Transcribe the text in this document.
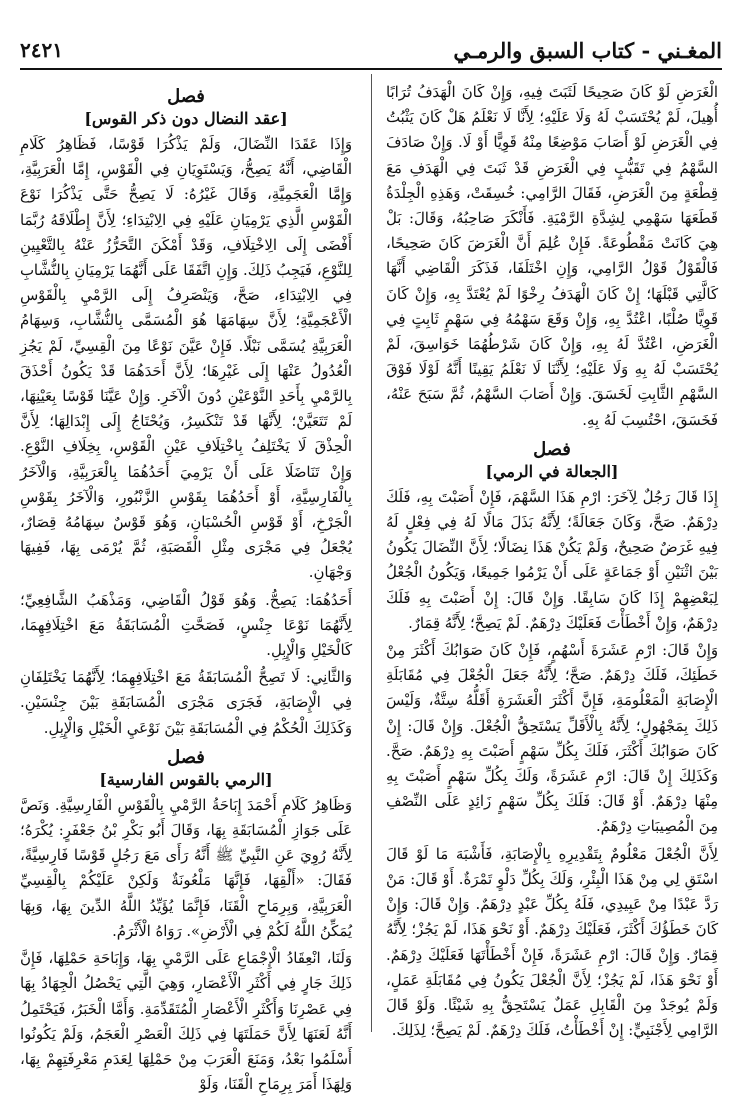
المغـني - كتاب السبق والرمـي
٢٤٢١

الْغَرَضِ لَوْ كَانَ صَحِيحًا لَثَبَتَ فِيهِ، وَإِنْ كَانَ الْهَدَفُ تُرَابًا أُهِيلَ، لَمْ يُحْتَسَبْ لَهُ وَلَا عَلَيْهِ؛ لِأَنَّا لَا نَعْلَمُ هَلْ كَانَ يَثْبُتُ فِي الْغَرَضِ لَوْ أَصَابَ مَوْضِعًا مِنْهُ قَوِيًّا أَوْ لَا. وَإِنْ صَادَفَ السَّهْمُ فِي تَقَبُّبٍ فِي الْغَرَضِ قَدْ ثَبَتَ فِي الْهَدَفِ مَعَ قِطْعَةٍ مِنَ الْغَرَضِ، فَقَالَ الرَّامِي: خُسِقَتْ، وَهَذِهِ الْجِلْدَةُ قَطَعَهَا سَهْمِي لِشِدَّةِ الرَّمْيَةِ. فَأَنْكَرَ صَاحِبُهُ، وَقَالَ: بَلْ هِيَ كَانَتْ مَقْطُوعَةً. فَإِنْ عُلِمَ أَنَّ الْغَرَضَ كَانَ صَحِيحًا، فَالْقَوْلُ قَوْلُ الرَّامِي، وَإِنِ اخْتَلَفَا، فَذَكَرَ الْقَاضِي أَنَّهَا كَالَّتِي قَبْلَهَا؛ إِنْ كَانَ الْهَدَفُ رِخْوًا لَمْ يُعْتَدَّ بِهِ، وَإِنْ كَانَ قَوِيًّا صُلْبًا، اعْتُدَّ بِهِ، وَإِنْ وَقَعَ سَهْمُهُ فِي سَهْمٍ ثَابِتٍ فِي الْغَرَضِ، اعْتُدَّ لَهُ بِهِ، وَإِنْ كَانَ شَرْطُهُمَا خَوَاسِقَ، لَمْ يُحْتَسَبْ لَهُ بِهِ وَلَا عَلَيْهِ؛ لِأَنَّنَا لَا نَعْلَمُ يَقِينًا أَنَّهُ لَوْلَا فَوْقَ السَّهْمِ الثَّابِتِ لَخَسَقَ. وَإِنْ أَصَابَ السَّهْمُ، ثُمَّ سَبَحَ عَنْهُ، فَخَسَقَ، احْتُسِبَ لَهُ بِهِ.

فصل
[الجعالة في الرمي]

إِذَا قَالَ رَجُلٌ لِآخَرَ: ارْمِ هَذَا السَّهْمَ، فَإِنْ أَصَبْتَ بِهِ، فَلَكَ دِرْهَمٌ. صَحَّ، وَكَانَ جَعَالَةً؛ لِأَنَّهُ بَذَلَ مَالًا لَهُ فِي فِعْلٍ لَهُ فِيهِ غَرَضٌ صَحِيحٌ، وَلَمْ يَكُنْ هَذَا نِضَالًا؛ لِأَنَّ النِّضَالَ يَكُونُ بَيْنَ اثْنَيْنِ أَوْ جَمَاعَةٍ عَلَى أَنْ يَرْمُوا جَمِيعًا، وَيَكُونُ الْجُعْلُ لِبَعْضِهِمْ إِذَا كَانَ سَابِقًا. وَإِنْ قَالَ: إِنْ أَصَبْتَ بِهِ فَلَكَ دِرْهَمٌ، وَإِنْ أَخْطَأْتَ فَعَلَيْكَ دِرْهَمٌ. لَمْ يَصِحَّ؛ لِأَنَّهُ قِمَارٌ.

وَإِنْ قَالَ: ارْمِ عَشَرَةَ أَسْهُمٍ، فَإِنْ كَانَ صَوَابُكَ أَكْثَرَ مِنْ خَطَئِكَ، فَلَكَ دِرْهَمٌ. صَحَّ؛ لِأَنَّهُ جَعَلَ الْجُعْلَ فِي مُقَابَلَةِ الْإِصَابَةِ الْمَعْلُومَةِ، فَإِنَّ أَكْثَرَ الْعَشَرَةِ أَقَلُّهُ سِتَّةٌ، وَلَيْسَ ذَلِكَ بِمَجْهُولٍ؛ لِأَنَّهُ بِالْأَقَلِّ يَسْتَحِقُّ الْجُعْلَ. وَإِنْ قَالَ: إِنْ كَانَ صَوَابُكَ أَكْثَرَ، فَلَكَ بِكُلِّ سَهْمٍ أَصَبْتَ بِهِ دِرْهَمٌ. صَحَّ. وَكَذَلِكَ إِنْ قَالَ: ارْمِ عَشَرَةً، وَلَكَ بِكُلِّ سَهْمٍ أَصَبْتَ بِهِ مِنْهَا دِرْهَمٌ. أَوْ قَالَ: فَلَكَ بِكُلِّ سَهْمٍ زَائِدٍ عَلَى النِّصْفِ مِنَ الْمُصِيبَاتِ دِرْهَمٌ.

لِأَنَّ الْجُعْلَ مَعْلُومٌ بِتَقْدِيرِهِ بِالْإِصَابَةِ، فَأَشْبَهَ مَا لَوْ قَالَ اسْتَقِ لِي مِنْ هَذَا الْبِئْرِ، وَلَكَ بِكُلِّ دَلْوٍ تَمْرَةٌ. أَوْ قَالَ: مَنْ رَدَّ عَبْدًا مِنْ عَبِيدِي، فَلَهُ بِكُلِّ عَبْدٍ دِرْهَمٌ. وَإِنْ قَالَ: وَإِنْ كَانَ خَطَؤُكَ أَكْثَرَ، فَعَلَيْكَ دِرْهَمٌ. أَوْ نَحْوَ هَذَا، لَمْ يَجُزْ؛ لِأَنَّهُ قِمَارٌ. وَإِنْ قَالَ: ارْمِ عَشَرَةً، فَإِنْ أَخْطَأْتَهَا فَعَلَيْكَ دِرْهَمٌ. أَوْ نَحْوَ هَذَا، لَمْ يَجُزْ؛ لِأَنَّ الْجُعْلَ يَكُونُ فِي مُقَابَلَةِ عَمَلٍ، وَلَمْ يُوجَدْ مِنَ الْقَابِلِ عَمَلٌ يَسْتَحِقُّ بِهِ شَيْئًا. وَلَوْ قَالَ الرَّامِي لِأَجْنَبِيٍّ: إِنْ أَخْطَأْتُ، فَلَكَ دِرْهَمٌ. لَمْ يَصِحَّ؛ لِذَلِكَ.

فصل
[عقد النضال دون ذكر القوس]

وَإِذَا عَقَدَا النِّضَالَ، وَلَمْ يَذْكُرَا قَوْسًا، فَظَاهِرُ كَلَامِ الْقَاضِي، أَنَّهُ يَصِحُّ، وَيَسْتَوِيَانِ فِي الْقَوْسِ، إِمَّا الْعَرَبِيَّةِ، وَإِمَّا الْعَجَمِيَّةِ، وَقَالَ غَيْرُهُ: لَا يَصِحُّ حَتَّى يَذْكُرَا نَوْعَ الْقَوْسِ الَّذِي يَرْمِيَانِ عَلَيْهِ فِي الِابْتِدَاءِ؛ لِأَنَّ إِطْلَاقَهُ رُبَّمَا أَفْضَى إِلَى الِاخْتِلَافِ، وَقَدْ أَمْكَنَ التَّحَرُّزُ عَنْهُ بِالتَّعْيِينِ لِلنَّوْعِ، فَيَجِبُ ذَلِكَ. وَإِنِ اتَّفَقَا عَلَى أَنَّهُمَا يَرْمِيَانِ بِالنُّشَّابِ فِي الِابْتِدَاءِ، صَحَّ، وَيَنْصَرِفُ إِلَى الرَّمْيِ بِالْقَوْسِ الْأَعْجَمِيَّةِ؛ لِأَنَّ سِهَامَهَا هُوَ الْمُسَمَّى بِالنُّشَّابِ، وَسِهَامُ الْعَرَبِيَّةِ يُسَمَّى نَبْلًا. فَإِنْ عَيَّنَ نَوْعًا مِنَ الْقِسِيِّ، لَمْ يَجُزِ الْعُدُولُ عَنْهَا إِلَى غَيْرِهَا؛ لِأَنَّ أَحَدَهُمَا قَدْ يَكُونُ أَحْذَقَ بِالرَّمْيِ بِأَحَدِ النَّوْعَيْنِ دُونَ الْآخَرِ. وَإِنْ عَيَّنَا قَوْسًا بِعَيْنِهَا، لَمْ تَتَعَيَّنْ؛ لِأَنَّهَا قَدْ تَنْكَسِرُ، وَيُحْتَاجُ إِلَى إِبْدَالِهَا؛ لِأَنَّ الْحِذْقَ لَا يَخْتَلِفُ بِاخْتِلَافِ عَيْنِ الْقَوْسِ، بِخِلَافِ النَّوْعِ. وَإِنْ تَنَاضَلَا عَلَى أَنْ يَرْمِيَ أَحَدُهُمَا بِالْعَرَبِيَّةِ، وَالْآخَرُ بِالْفَارِسِيَّةِ، أَوْ أَحَدُهُمَا بِقَوْسِ الزَّنْبُورِ، وَالْآخَرُ بِقَوْسِ الْجَرْخِ، أَوْ قَوْسِ الْحُسْبَانِ، وَهُوَ قَوْسٌ سِهَامُهُ قِصَارٌ، يُجْعَلُ فِي مَجْرَى مِثْلِ الْقَصَبَةِ، ثُمَّ يُرْمَى بِهَا، فَفِيهَا وَجْهَانِ.

أَحَدُهُمَا: يَصِحُّ. وَهُوَ قَوْلُ الْقَاضِي، وَمَذْهَبُ الشَّافِعِيِّ؛ لِأَنَّهُمَا نَوْعَا جِنْسٍ، فَصَحَّتِ الْمُسَابَقَةُ مَعَ اخْتِلَافِهِمَا، كَالْخَيْلِ وَالْإِبِلِ.

وَالثَّانِي: لَا تَصِحُّ الْمُسَابَقَةُ مَعَ اخْتِلَافِهِمَا؛ لِأَنَّهُمَا يَخْتَلِفَانِ فِي الْإِصَابَةِ، فَجَرَى مَجْرَى الْمُسَابَقَةِ بَيْنَ جِنْسَيْنِ. وَكَذَلِكَ الْحُكْمُ فِي الْمُسَابَقَةِ بَيْنَ نَوْعَيِ الْخَيْلِ وَالْإِبِلِ.

فصل
[الرمي بالقوس الفارسية]

وَظَاهِرُ كَلَامِ أَحْمَدَ إِبَاحَةُ الرَّمْيِ بِالْقَوْسِ الْفَارِسِيَّةِ. وَنَصَّ عَلَى جَوَازِ الْمُسَابَقَةِ بِهَا، وَقَالَ أَبُو بَكْرِ بْنُ جَعْفَرٍ: يُكْرَهُ؛ لِأَنَّهُ رُوِيَ عَنِ النَّبِيِّ ﷺ أَنَّهُ رَأَى مَعَ رَجُلٍ قَوْسًا فَارِسِيَّةً، فَقَالَ: «أَلْقِهَا، فَإِنَّهَا مَلْعُونَةٌ وَلَكِنْ عَلَيْكُمْ بِالْقِسِيِّ الْعَرَبِيَّةِ، وَبِرِمَاحِ الْقَنَا، فَإِنَّمَا يُؤَيِّدُ اللَّهُ الدِّينَ بِهَا، وَبِهَا يُمَكِّنُ اللَّهُ لَكُمْ فِي الْأَرْضِ». رَوَاهُ الْأَثْرَمُ.

وَلَنَا، انْعِقَادُ الْإِجْمَاعِ عَلَى الرَّمْيِ بِهَا، وَإِبَاحَةِ حَمْلِهَا، فَإِنَّ ذَلِكَ جَارٍ فِي أَكْثَرِ الْأَعْصَارِ، وَهِيَ الَّتِي يَحْصُلُ الْجِهَادُ بِهَا فِي عَصْرِنَا وَأَكْثَرِ الْأَعْصَارِ الْمُتَقَدِّمَةِ. وَأَمَّا الْخَبَرُ، فَيَحْتَمِلُ أَنَّهُ لَعَنَهَا لِأَنَّ حَمَلَتَهَا فِي ذَلِكَ الْعَصْرِ الْعَجَمُ، وَلَمْ يَكُونُوا أَسْلَمُوا بَعْدُ، وَمَنَعَ الْعَرَبَ مِنْ حَمْلِهَا لِعَدَمِ مَعْرِفَتِهِمْ بِهَا، وَلِهَذَا أَمَرَ بِرِمَاحِ الْقَنَا، وَلَوْ
